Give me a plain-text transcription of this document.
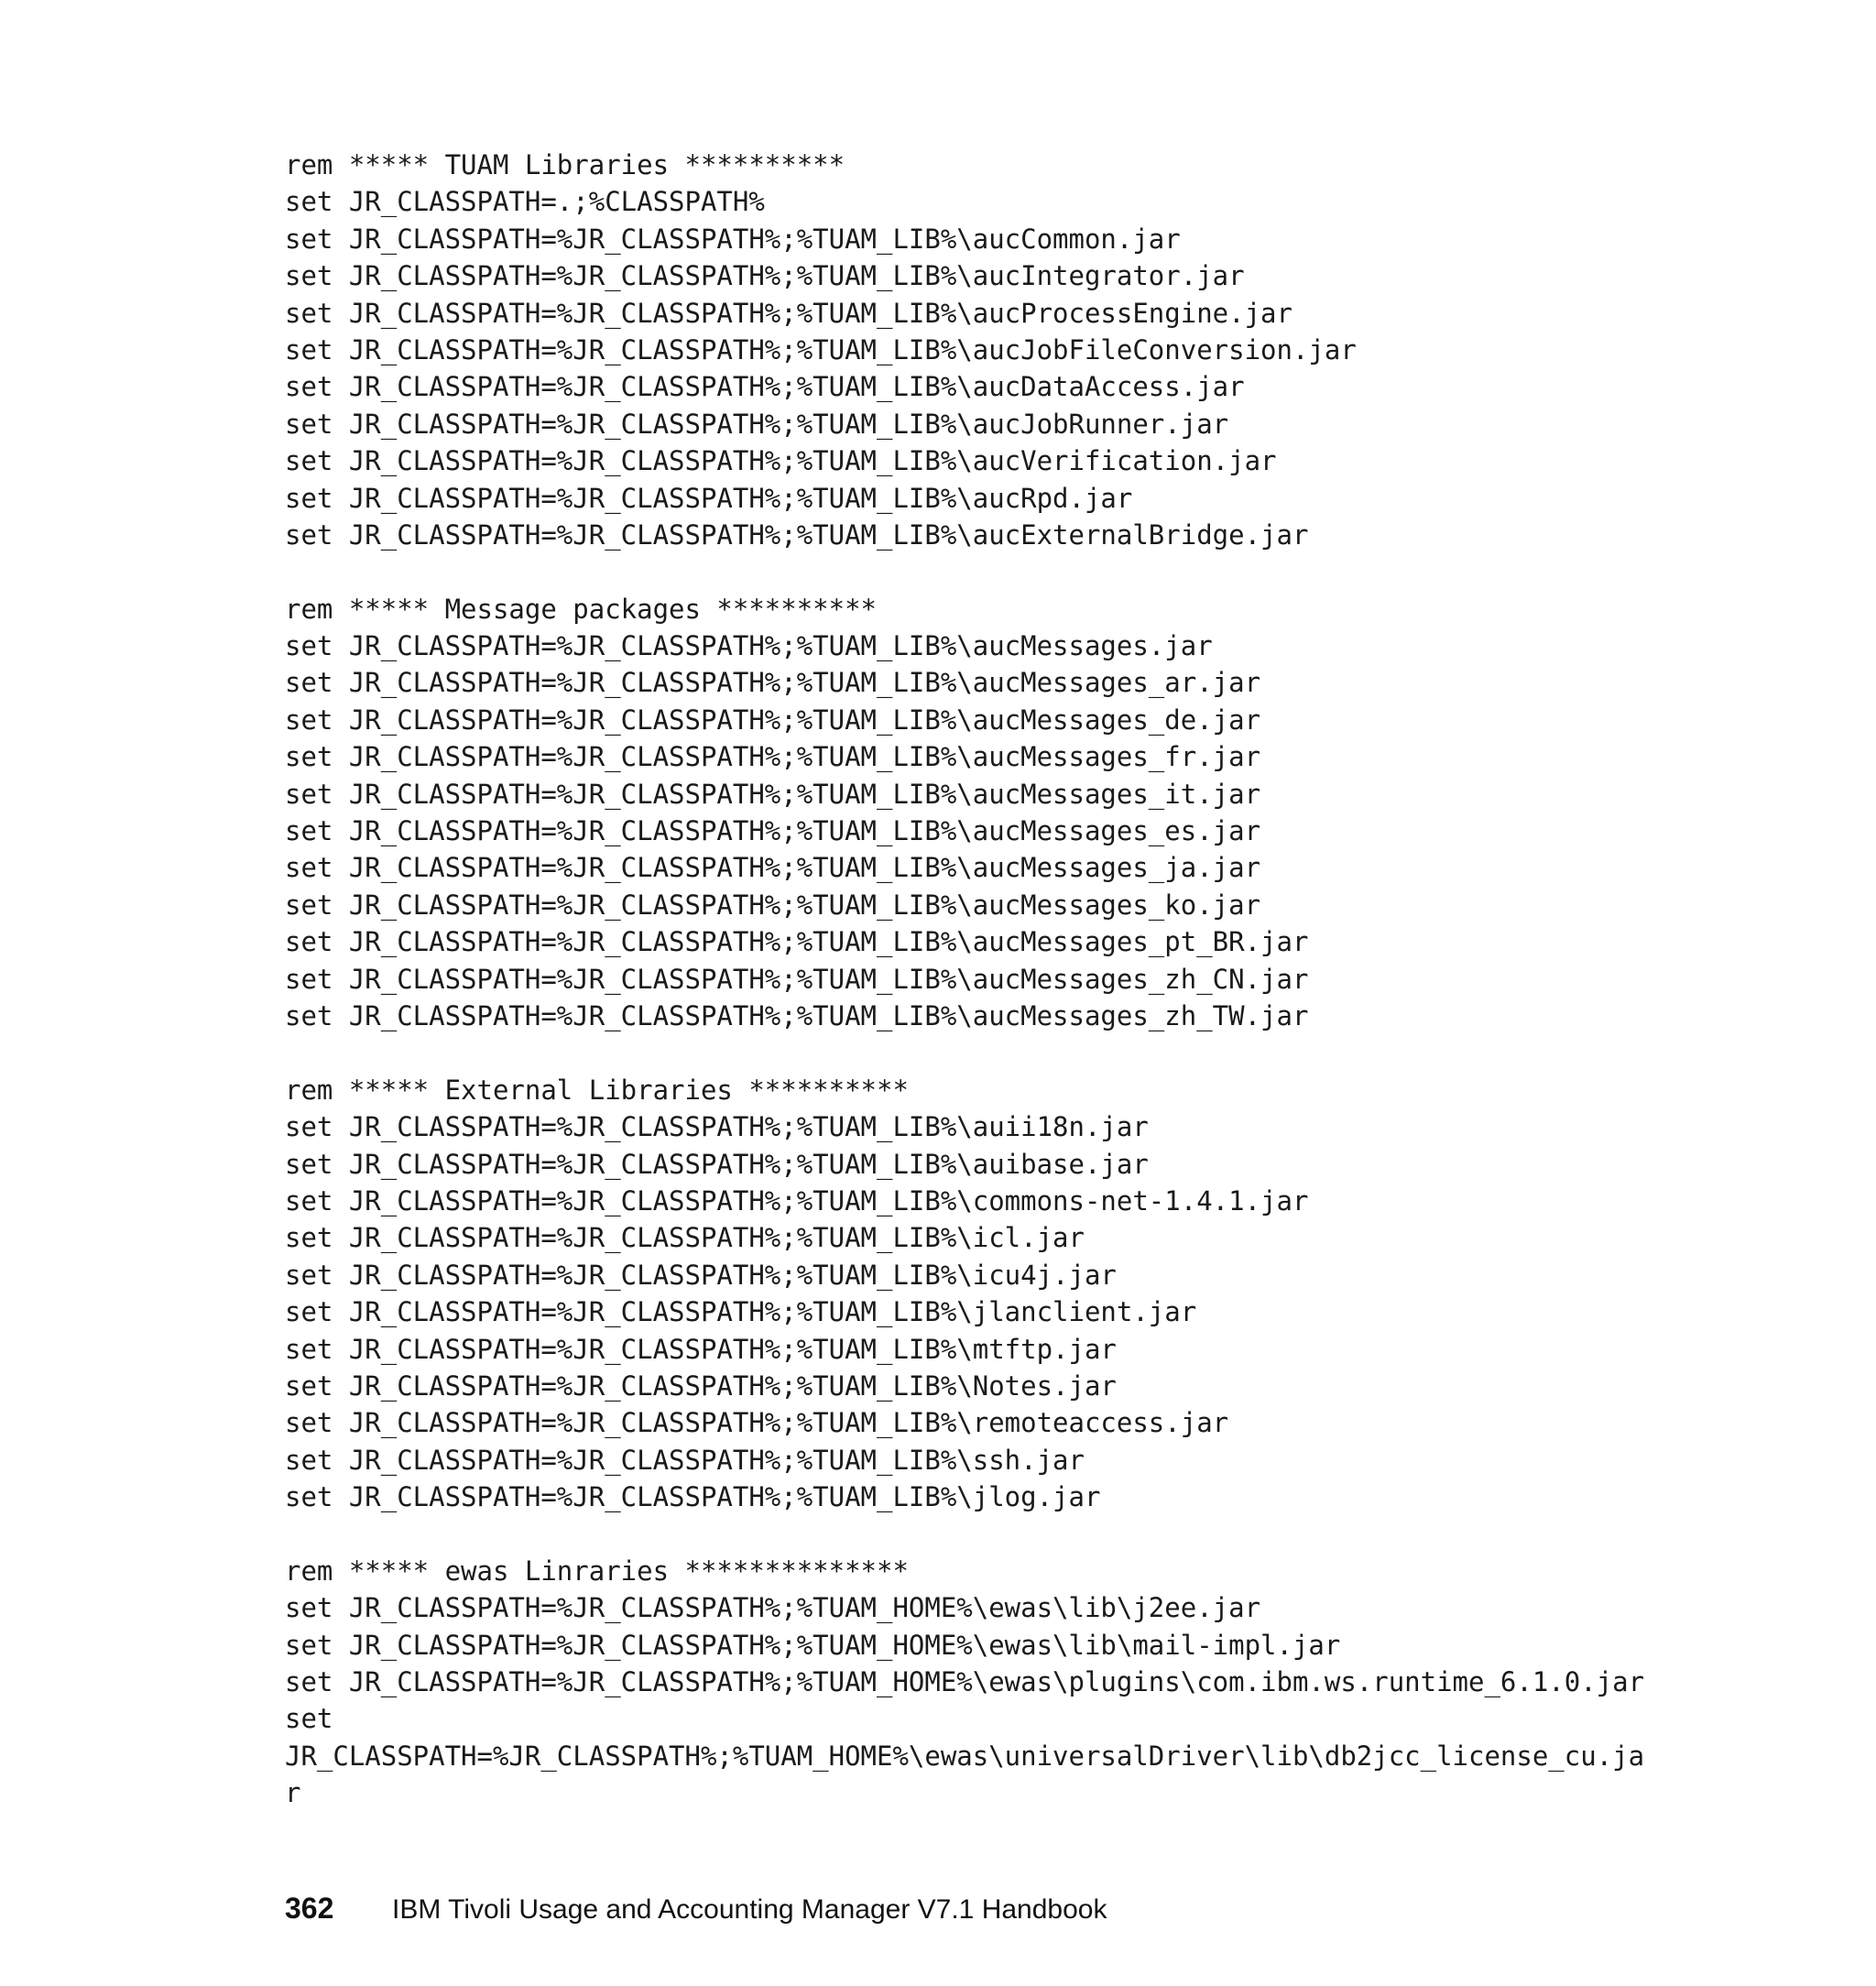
rem ***** TUAM Libraries **********
set JR_CLASSPATH=.;%CLASSPATH%
set JR_CLASSPATH=%JR_CLASSPATH%;%TUAM_LIB%\aucCommon.jar
set JR_CLASSPATH=%JR_CLASSPATH%;%TUAM_LIB%\aucIntegrator.jar
set JR_CLASSPATH=%JR_CLASSPATH%;%TUAM_LIB%\aucProcessEngine.jar
set JR_CLASSPATH=%JR_CLASSPATH%;%TUAM_LIB%\aucJobFileConversion.jar
set JR_CLASSPATH=%JR_CLASSPATH%;%TUAM_LIB%\aucDataAccess.jar
set JR_CLASSPATH=%JR_CLASSPATH%;%TUAM_LIB%\aucJobRunner.jar
set JR_CLASSPATH=%JR_CLASSPATH%;%TUAM_LIB%\aucVerification.jar
set JR_CLASSPATH=%JR_CLASSPATH%;%TUAM_LIB%\aucRpd.jar
set JR_CLASSPATH=%JR_CLASSPATH%;%TUAM_LIB%\aucExternalBridge.jar
rem ***** Message packages **********
set JR_CLASSPATH=%JR_CLASSPATH%;%TUAM_LIB%\aucMessages.jar
set JR_CLASSPATH=%JR_CLASSPATH%;%TUAM_LIB%\aucMessages_ar.jar
set JR_CLASSPATH=%JR_CLASSPATH%;%TUAM_LIB%\aucMessages_de.jar
set JR_CLASSPATH=%JR_CLASSPATH%;%TUAM_LIB%\aucMessages_fr.jar
set JR_CLASSPATH=%JR_CLASSPATH%;%TUAM_LIB%\aucMessages_it.jar
set JR_CLASSPATH=%JR_CLASSPATH%;%TUAM_LIB%\aucMessages_es.jar
set JR_CLASSPATH=%JR_CLASSPATH%;%TUAM_LIB%\aucMessages_ja.jar
set JR_CLASSPATH=%JR_CLASSPATH%;%TUAM_LIB%\aucMessages_ko.jar
set JR_CLASSPATH=%JR_CLASSPATH%;%TUAM_LIB%\aucMessages_pt_BR.jar
set JR_CLASSPATH=%JR_CLASSPATH%;%TUAM_LIB%\aucMessages_zh_CN.jar
set JR_CLASSPATH=%JR_CLASSPATH%;%TUAM_LIB%\aucMessages_zh_TW.jar
rem ***** External Libraries **********
set JR_CLASSPATH=%JR_CLASSPATH%;%TUAM_LIB%\auii18n.jar
set JR_CLASSPATH=%JR_CLASSPATH%;%TUAM_LIB%\auibase.jar
set JR_CLASSPATH=%JR_CLASSPATH%;%TUAM_LIB%\commons-net-1.4.1.jar
set JR_CLASSPATH=%JR_CLASSPATH%;%TUAM_LIB%\icl.jar
set JR_CLASSPATH=%JR_CLASSPATH%;%TUAM_LIB%\icu4j.jar
set JR_CLASSPATH=%JR_CLASSPATH%;%TUAM_LIB%\jlanclient.jar
set JR_CLASSPATH=%JR_CLASSPATH%;%TUAM_LIB%\mtftp.jar
set JR_CLASSPATH=%JR_CLASSPATH%;%TUAM_LIB%\Notes.jar
set JR_CLASSPATH=%JR_CLASSPATH%;%TUAM_LIB%\remoteaccess.jar
set JR_CLASSPATH=%JR_CLASSPATH%;%TUAM_LIB%\ssh.jar
set JR_CLASSPATH=%JR_CLASSPATH%;%TUAM_LIB%\jlog.jar
rem ***** ewas Linraries **************
set JR_CLASSPATH=%JR_CLASSPATH%;%TUAM_HOME%\ewas\lib\j2ee.jar
set JR_CLASSPATH=%JR_CLASSPATH%;%TUAM_HOME%\ewas\lib\mail-impl.jar
set JR_CLASSPATH=%JR_CLASSPATH%;%TUAM_HOME%\ewas\plugins\com.ibm.ws.runtime_6.1.0.jar
set
JR_CLASSPATH=%JR_CLASSPATH%;%TUAM_HOME%\ewas\universalDriver\lib\db2jcc_license_cu.ja
r
362	IBM Tivoli Usage and Accounting Manager V7.1 Handbook
